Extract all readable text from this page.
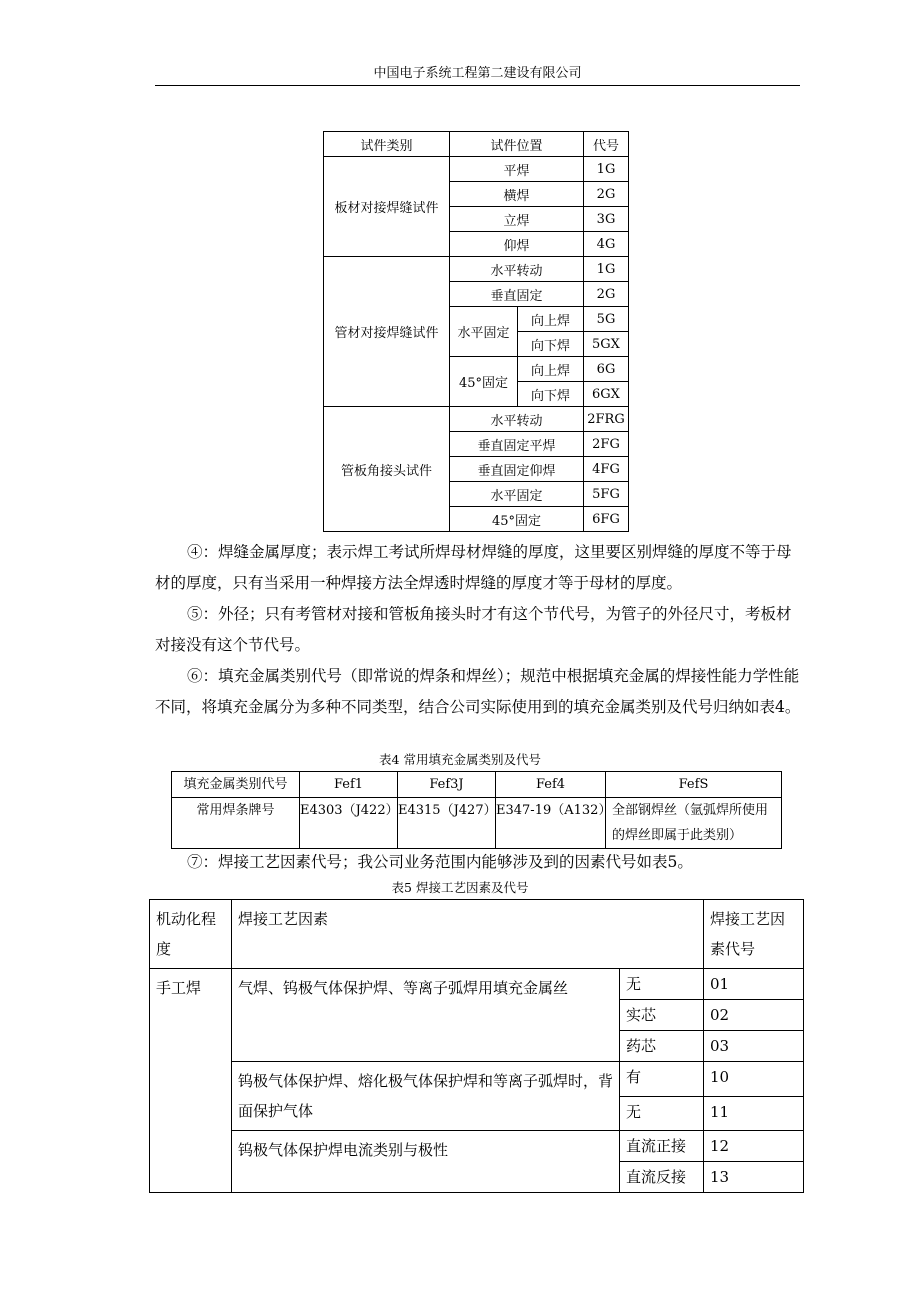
中国电子系统工程第二建设有限公司
试件类别	试件位置		代号
板材对接焊缝试件	平焊		1G
	横焊		2G
	立焊		3G
	仰焊		4G
管材对接焊缝试件	水平转动		1G
	垂直固定		2G
	水平固定	向上焊	5G
		向下焊	5GX
	45°固定	向上焊	6G
		向下焊	6GX
管板角接头试件	水平转动		2FRG
	垂直固定平焊		2FG
	垂直固定仰焊		4FG
	水平固定		5FG
	45°固定		6FG

④：焊缝金属厚度；表示焊工考试所焊母材焊缝的厚度，这里要区别焊缝的厚度不等于母材的厚度，只有当采用一种焊接方法全焊透时焊缝的厚度才等于母材的厚度。

⑤：外径；只有考管材对接和管板角接头时才有这个节代号，为管子的外径尺寸，考板材对接没有这个节代号。

⑥：填充金属类别代号（即常说的焊条和焊丝）；规范中根据填充金属的焊接性能力学性能不同，将填充金属分为多种不同类型，结合公司实际使用到的填充金属类别及代号归纳如表4。

表4 常用填充金属类别及代号
填充金属类别代号	Fef1	Fef3J	Fef4	FefS
常用焊条牌号	E4303（J422）	E4315（J427）	E347-19（A132）	全部钢焊丝（氩弧焊所使用的焊丝即属于此类别）

⑦：焊接工艺因素代号；我公司业务范围内能够涉及到的因素代号如表5。

表5 焊接工艺因素及代号
机动化程度	焊接工艺因素		焊接工艺因素代号
手工焊	气焊、钨极气体保护焊、等离子弧焊用填充金属丝	无	01
		实芯	02
		药芯	03
	钨极气体保护焊、熔化极气体保护焊和等离子弧焊时，背面保护气体	有	10
		无	11
	钨极气体保护焊电流类别与极性	直流正接	12
		直流反接	13
